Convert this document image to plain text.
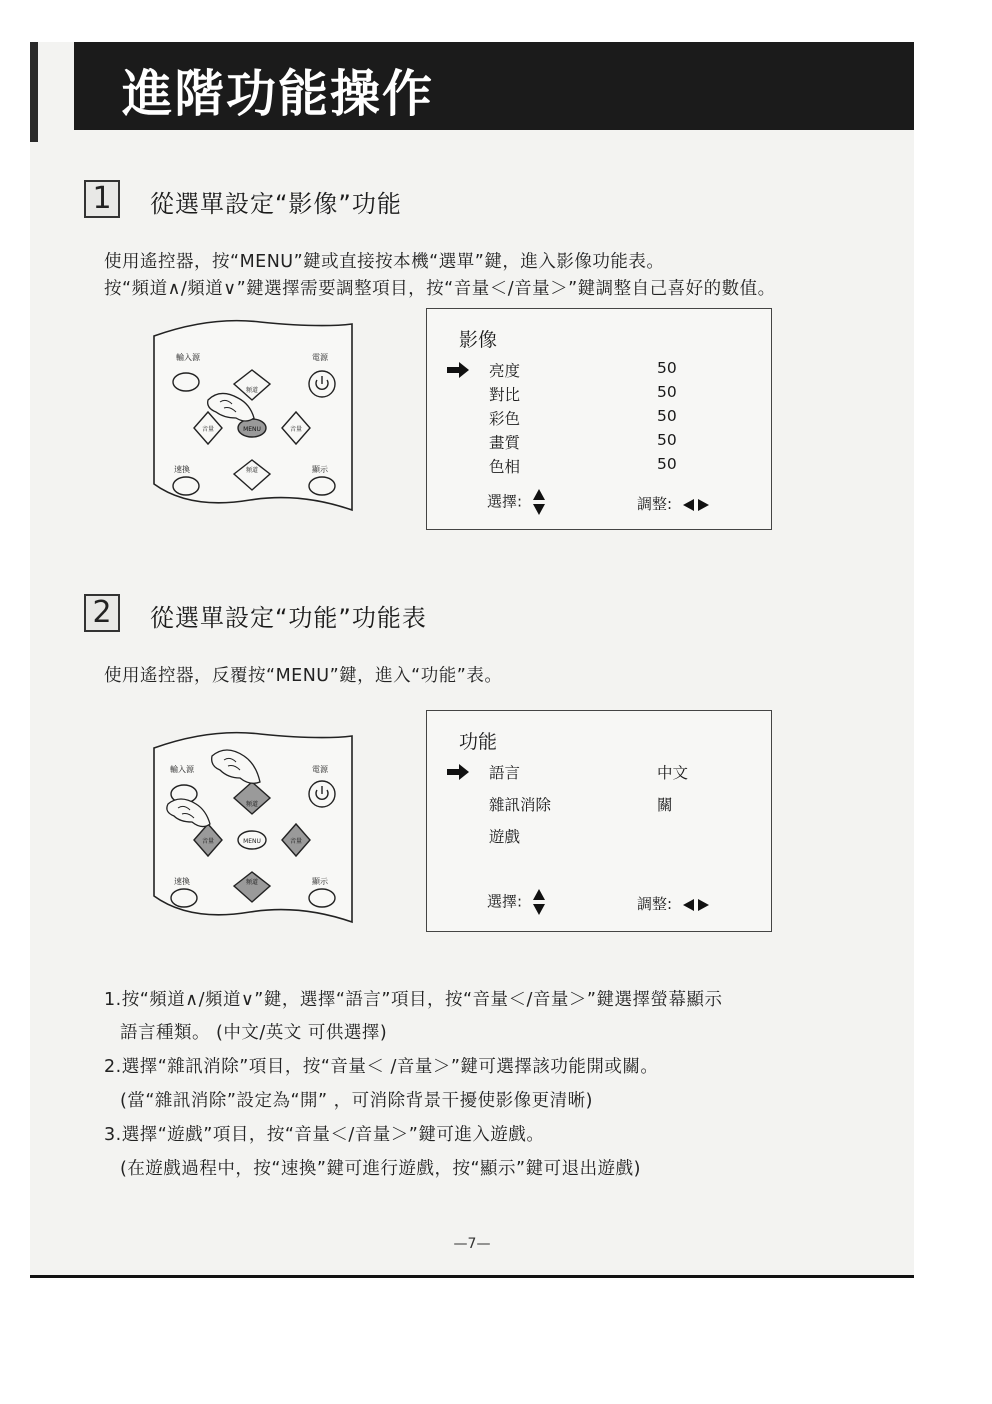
進階功能操作
1	從選單設定“影像”功能
使用遙控器，按“MENU”鍵或直接按本機“選單”鍵，進入影像功能表。
按“頻道∧/頻道∨”鍵選擇需要調整項目，按“音量＜/音量＞”鍵調整自己喜好的數值。
輸入源	電源
頻道
音量	MENU	音量
速換	顯示
頻道
影像
亮度	50
對比	50
彩色	50
畫質	50
色相	50
選擇:	調整:
2	從選單設定“功能”功能表
使用遙控器，反覆按“MENU”鍵，進入“功能”表。
輸入源	電源
頻道
音量	MENU	音量
速換	顯示
頻道
功能
語言	中文
雜訊消除	關
遊戲
選擇:	調整:
1.按“頻道∧/頻道∨”鍵，選擇“語言”項目，按“音量＜/音量＞”鍵選擇螢幕顯示
語言種類。 (中文/英文 可供選擇)
2.選擇“雜訊消除”項目，按“音量＜ /音量＞”鍵可選擇該功能開或關。
(當“雜訊消除”設定為“開” ，可消除背景干擾使影像更清晰)
3.選擇“遊戲”項目，按“音量＜/音量＞”鍵可進入遊戲。
(在遊戲過程中，按“速換”鍵可進行遊戲，按“顯示”鍵可退出遊戲)
—7—
